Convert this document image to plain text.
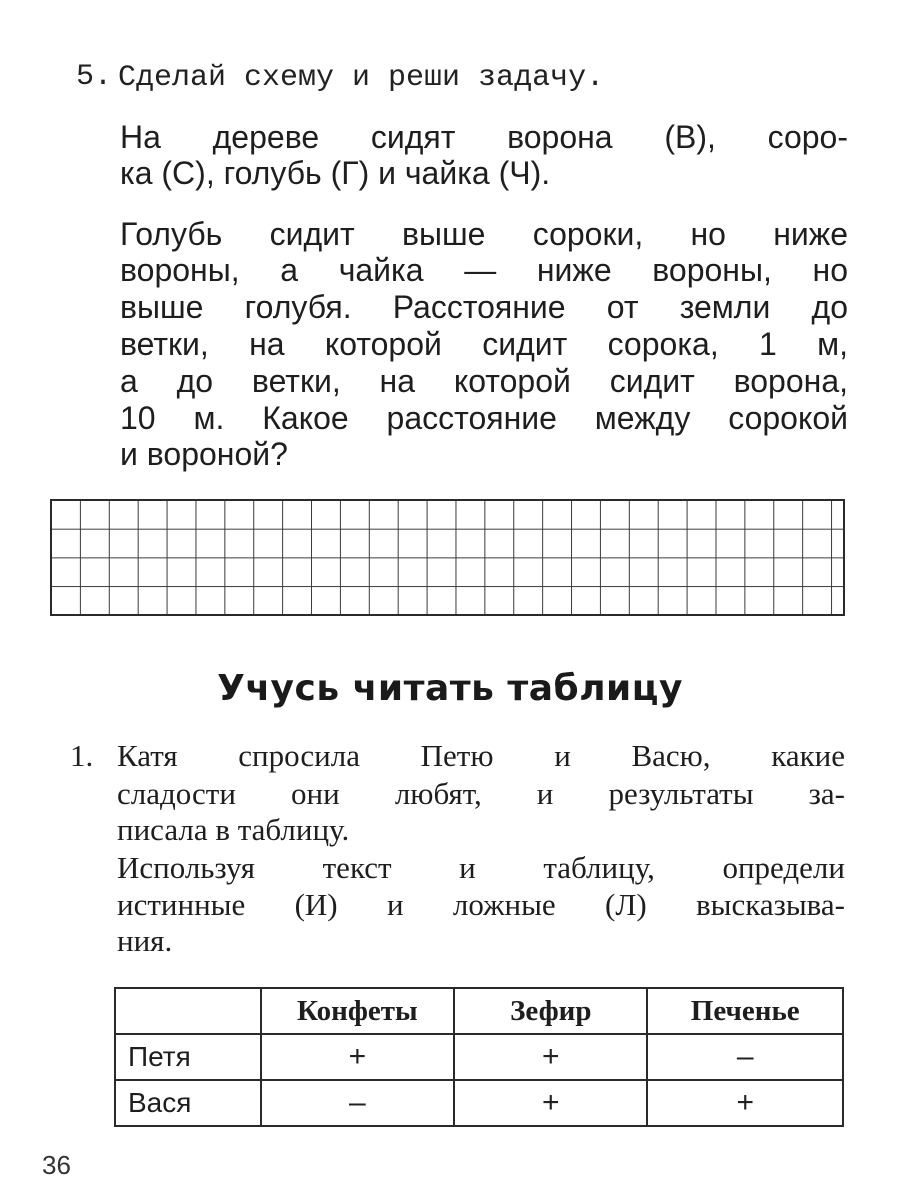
5. Сделай схему и реши задачу.
На дереве сидят ворона (В), соро-
ка (С), голубь (Г) и чайка (Ч).
Голубь сидит выше сороки, но ниже
вороны, а чайка — ниже вороны, но
выше голубя. Расстояние от земли до
ветки, на которой сидит сорока, 1 м,
а до ветки, на которой сидит ворона,
10 м. Какое расстояние между сорокой
и вороной?
Учусь читать таблицу
1. Катя спросила Петю и Васю, какие
сладости они любят, и результаты за-
писала в таблицу.
Используя текст и таблицу, определи
истинные (И) и ложные (Л) высказыва-
ния.
	Конфеты	Зефир	Печенье
Петя	+	+	–
Вася	–	+	+
36
